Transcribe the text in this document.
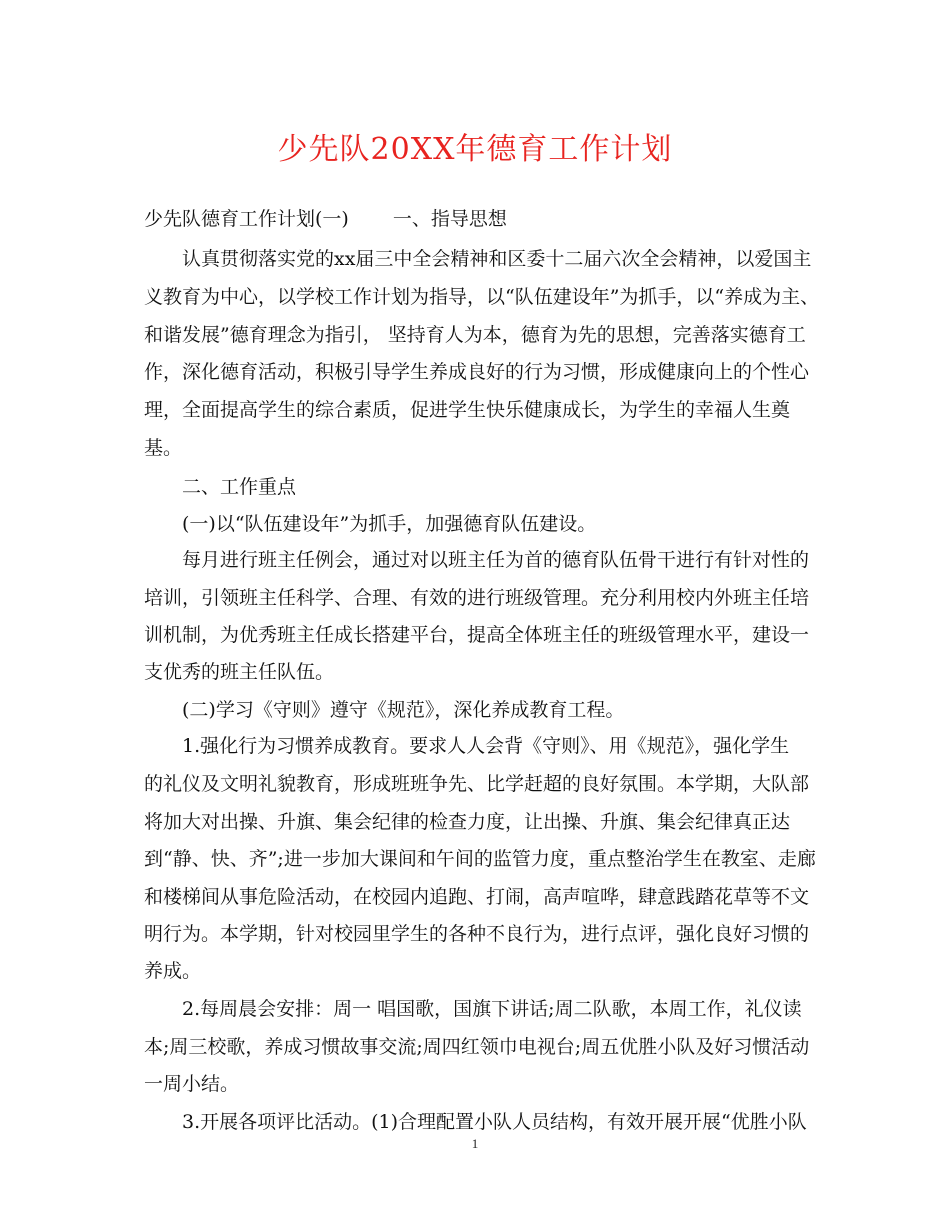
少先队20XX年德育工作计划
少先队德育工作计划(一)　　 一、指导思想
　　认真贯彻落实党的xx届三中全会精神和区委十二届六次全会精神，以爱国主
义教育为中心，以学校工作计划为指导，以“队伍建设年”为抓手，以“养成为主、
和谐发展”德育理念为指引， 坚持育人为本，德育为先的思想，完善落实德育工
作，深化德育活动，积极引导学生养成良好的行为习惯，形成健康向上的个性心
理，全面提高学生的综合素质，促进学生快乐健康成长，为学生的幸福人生奠
基。
　　二、工作重点
　　(一)以“队伍建设年”为抓手，加强德育队伍建设。
　　每月进行班主任例会，通过对以班主任为首的德育队伍骨干进行有针对性的
培训，引领班主任科学、合理、有效的进行班级管理。充分利用校内外班主任培
训机制，为优秀班主任成长搭建平台，提高全体班主任的班级管理水平，建设一
支优秀的班主任队伍。
　　(二)学习《守则》遵守《规范》，深化养成教育工程。
　　1.强化行为习惯养成教育。要求人人会背《守则》、用《规范》，强化学生
的礼仪及文明礼貌教育，形成班班争先、比学赶超的良好氛围。本学期，大队部
将加大对出操、升旗、集会纪律的检查力度，让出操、升旗、集会纪律真正达
到“静、快、齐”;进一步加大课间和午间的监管力度，重点整治学生在教室、走廊
和楼梯间从事危险活动，在校园内追跑、打闹，高声喧哗，肆意践踏花草等不文
明行为。本学期，针对校园里学生的各种不良行为，进行点评，强化良好习惯的
养成。
　　2.每周晨会安排：周一 唱国歌，国旗下讲话;周二队歌，本周工作，礼仪读
本;周三校歌，养成习惯故事交流;周四红领巾电视台;周五优胜小队及好习惯活动
一周小结。
　　3.开展各项评比活动。(1)合理配置小队人员结构，有效开展开展“优胜小队
1
